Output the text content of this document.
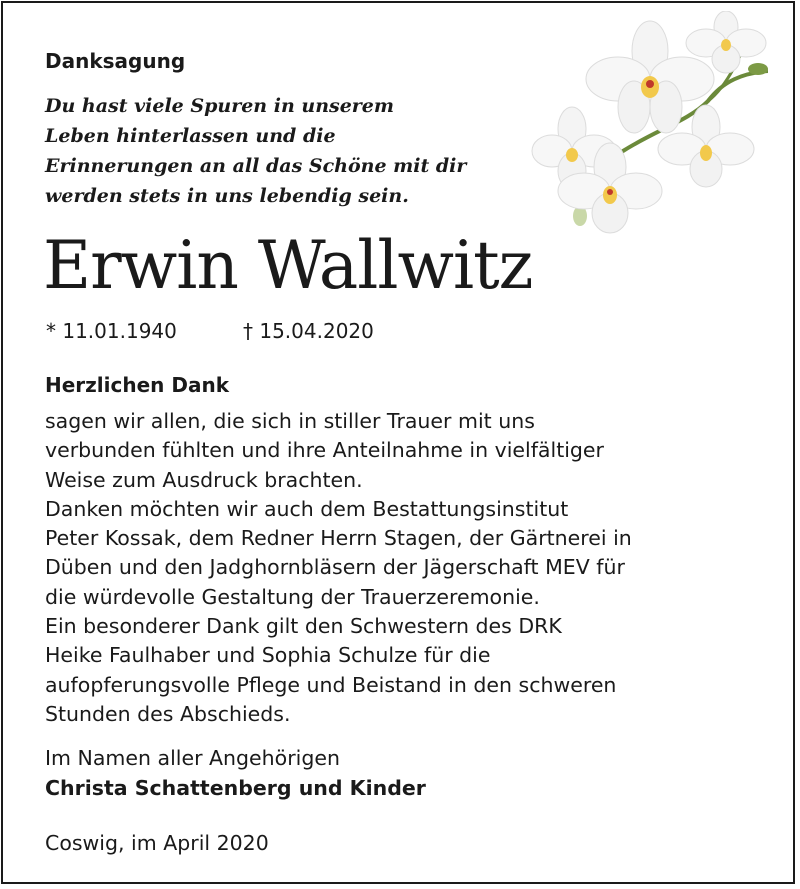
Danksagung
Du hast viele Spuren in unserem
Leben hinterlassen und die
Erinnerungen an all das Schöne mit dir
werden stets in uns lebendig sein.
Erwin Wallwitz
* 11.01.1940	† 15.04.2020
Herzlichen Dank
sagen wir allen, die sich in stiller Trauer mit uns
verbunden fühlten und ihre Anteilnahme in vielfältiger
Weise zum Ausdruck brachten.
Danken möchten wir auch dem Bestattungsinstitut
Peter Kossak, dem Redner Herrn Stagen, der Gärtnerei in
Düben und den Jadghornbläsern der Jägerschaft MEV für
die würdevolle Gestaltung der Trauerzeremonie.
Ein besonderer Dank gilt den Schwestern des DRK
Heike Faulhaber und Sophia Schulze für die
aufopferungsvolle Pflege und Beistand in den schweren
Stunden des Abschieds.
Im Namen aller Angehörigen
Christa Schattenberg und Kinder
Coswig, im April 2020
